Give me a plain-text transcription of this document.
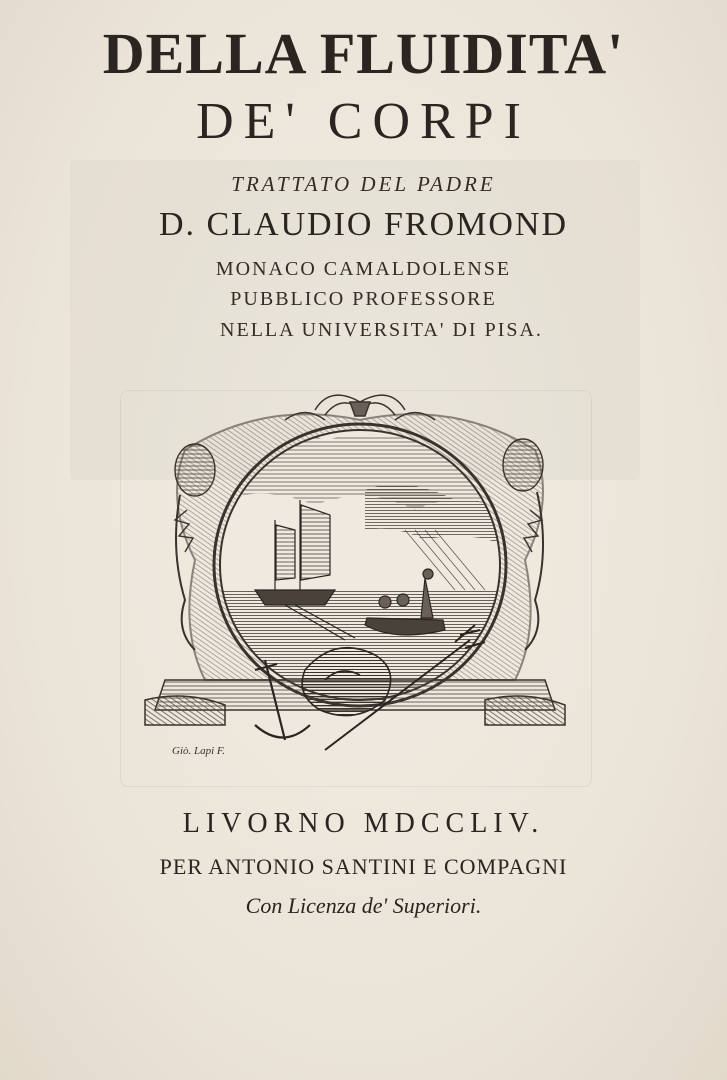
DELLA FLUIDITA'
DE' CORPI
TRATTATO DEL PADRE
D. CLAUDIO FROMOND
MONACO CAMALDOLENSE
PUBBLICO PROFESSORE
NELLA UNIVERSITA' DI PISA.
Giò. Lapi F.
LIVORNO MDCCLIV.
PER ANTONIO SANTINI E COMPAGNI
Con Licenza de' Superiori.
